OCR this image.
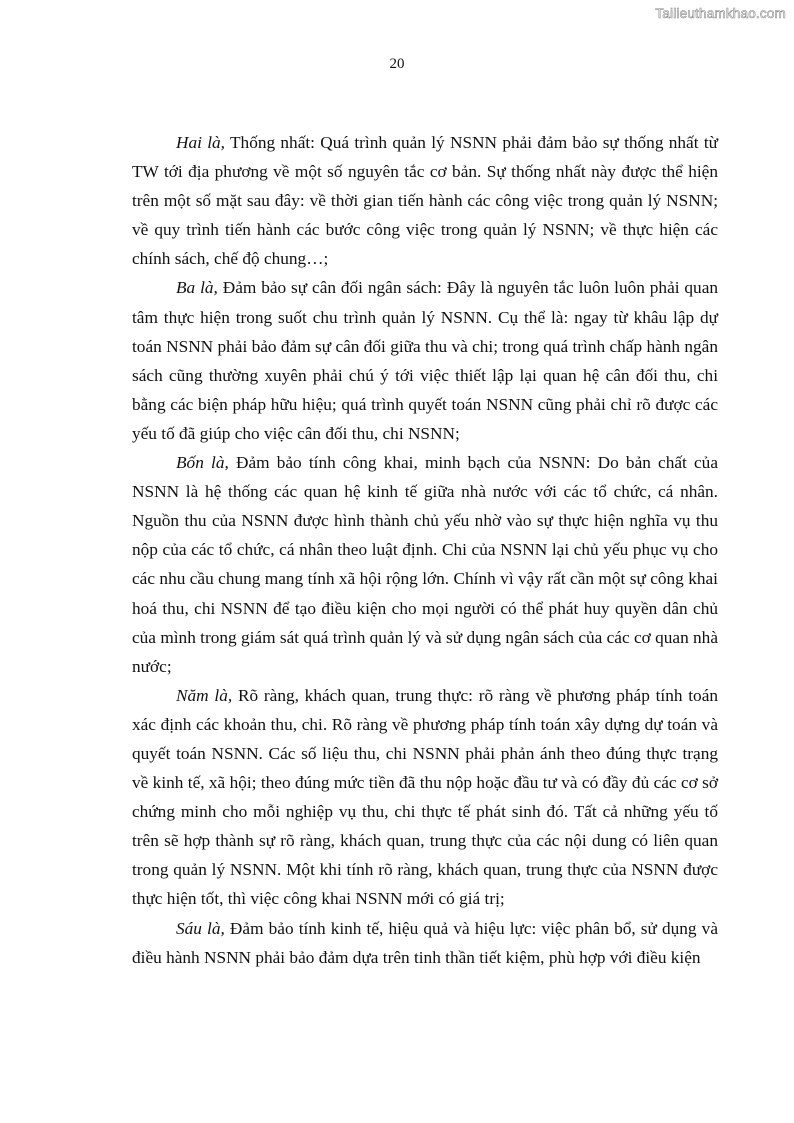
Tailieuthamkhao.com
20

Hai là, Thống nhất: Quá trình quản lý NSNN phải đảm bảo sự thống nhất từ TW tới địa phương về một số nguyên tắc cơ bản. Sự thống nhất này được thể hiện trên một số mặt sau đây: về thời gian tiến hành các công việc trong quản lý NSNN; về quy trình tiến hành các bước công việc trong quản lý NSNN; về thực hiện các chính sách, chế độ chung…;

Ba là, Đảm bảo sự cân đối ngân sách: Đây là nguyên tắc luôn luôn phải quan tâm thực hiện trong suốt chu trình quản lý NSNN. Cụ thể là: ngay từ khâu lập dự toán NSNN phải bảo đảm sự cân đối giữa thu và chi; trong quá trình chấp hành ngân sách cũng thường xuyên phải chú ý tới việc thiết lập lại quan hệ cân đối thu, chi bằng các biện pháp hữu hiệu; quá trình quyết toán NSNN cũng phải chỉ rõ được các yếu tố đã giúp cho việc cân đối thu, chi NSNN;

Bốn là, Đảm bảo tính công khai, minh bạch của NSNN: Do bản chất của NSNN là hệ thống các quan hệ kinh tế giữa nhà nước với các tổ chức, cá nhân. Nguồn thu của NSNN được hình thành chủ yếu nhờ vào sự thực hiện nghĩa vụ thu nộp của các tổ chức, cá nhân theo luật định. Chi của NSNN lại chủ yếu phục vụ cho các nhu cầu chung mang tính xã hội rộng lớn. Chính vì vậy rất cần một sự công khai hoá thu, chi NSNN để tạo điều kiện cho mọi người có thể phát huy quyền dân chủ của mình trong giám sát quá trình quản lý và sử dụng ngân sách của các cơ quan nhà nước;

Năm là, Rõ ràng, khách quan, trung thực: rõ ràng về phương pháp tính toán xác định các khoản thu, chi. Rõ ràng về phương pháp tính toán xây dựng dự toán và quyết toán NSNN. Các số liệu thu, chi NSNN phải phản ánh theo đúng thực trạng về kinh tế, xã hội; theo đúng mức tiền đã thu nộp hoặc đầu tư và có đầy đủ các cơ sở chứng minh cho mỗi nghiệp vụ thu, chi thực tế phát sinh đó. Tất cả những yếu tố trên sẽ hợp thành sự rõ ràng, khách quan, trung thực của các nội dung có liên quan trong quản lý NSNN. Một khi tính rõ ràng, khách quan, trung thực của NSNN được thực hiện tốt, thì việc công khai NSNN mới có giá trị;

Sáu là, Đảm bảo tính kinh tế, hiệu quả và hiệu lực: việc phân bổ, sử dụng và điều hành NSNN phải bảo đảm dựa trên tinh thần tiết kiệm, phù hợp với điều kiện
